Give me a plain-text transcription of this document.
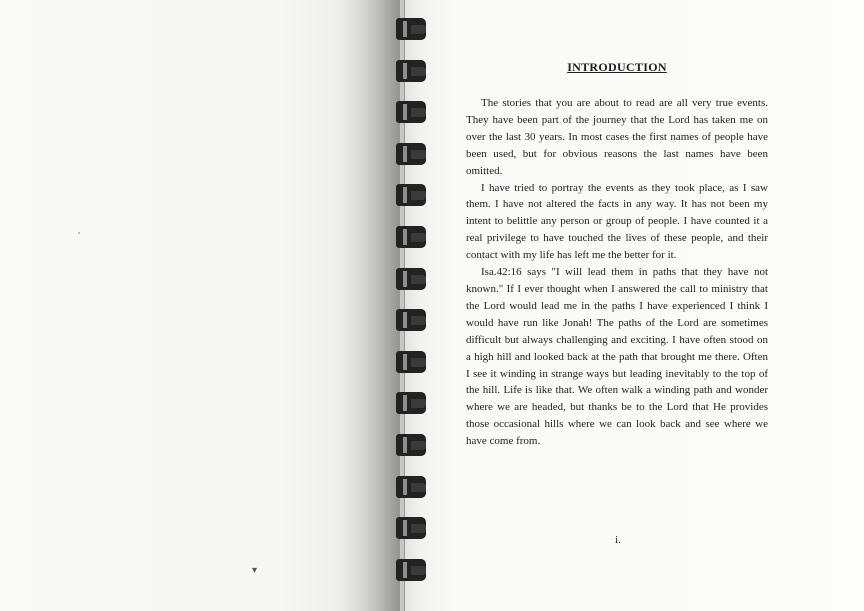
▾
INTRODUCTION

The stories that you are about to read are all very true events. They have been part of the journey that the Lord has taken me on over the last 30 years. In most cases the first names of people have been used, but for obvious reasons the last names have been omitted.

I have tried to portray the events as they took place, as I saw them. I have not altered the facts in any way. It has not been my intent to belittle any person or group of people. I have counted it a real privilege to have touched the lives of these people, and their contact with my life has left me the better for it.

Isa.42:16 says "I will lead them in paths that they have not known." If I ever thought when I answered the call to ministry that the Lord would lead me in the paths I have experienced I think I would have run like Jonah! The paths of the Lord are sometimes difficult but always challenging and exciting. I have often stood on a high hill and looked back at the path that brought me there. Often I see it winding in strange ways but leading inevitably to the top of the hill. Life is like that. We often walk a winding path and wonder where we are headed, but thanks be to the Lord that He provides those occasional hills where we can look back and see where we have come from.

i.
